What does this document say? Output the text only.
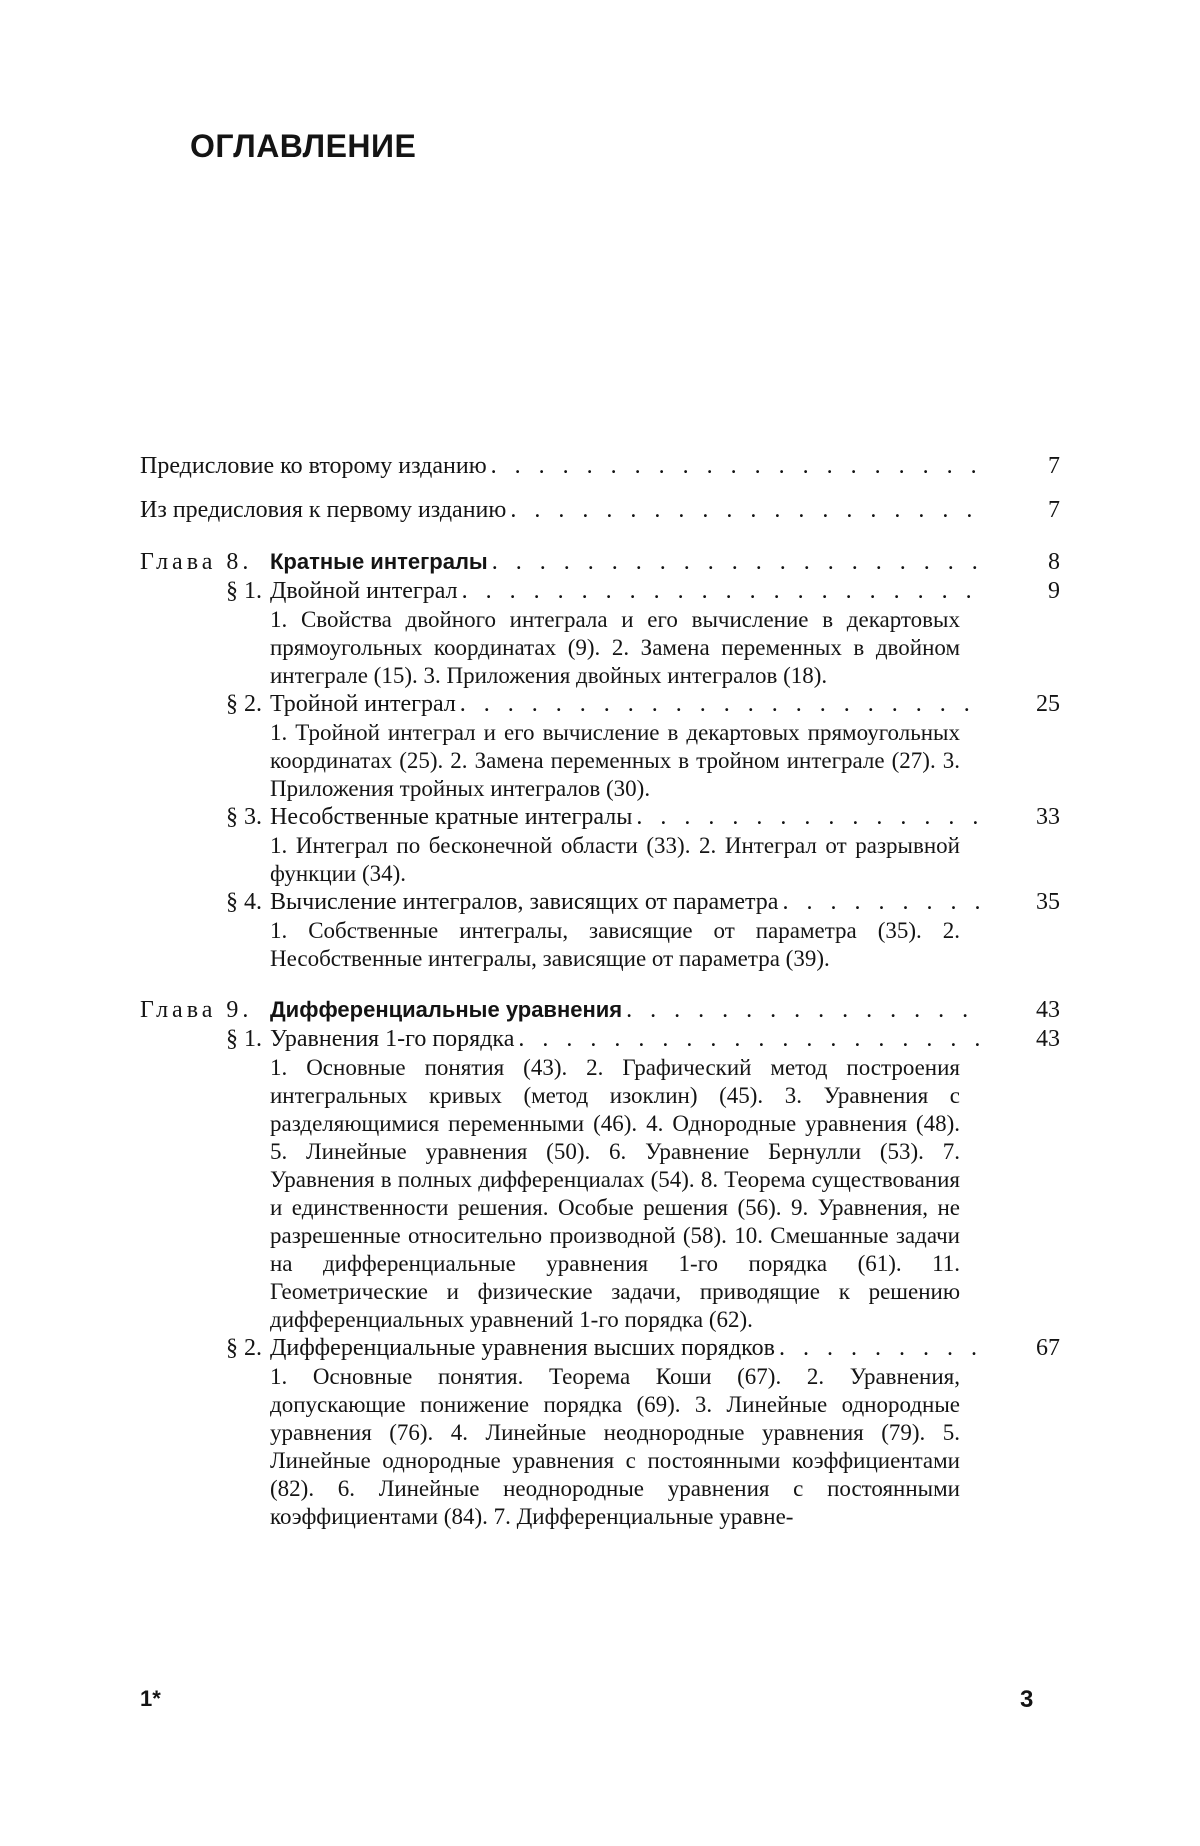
ОГЛАВЛЕНИЕ
Предисловие ко второму изданию . . .	7
Из предисловия к первому изданию . . .	7
Глава 8. Кратные интегралы . . .	8
§ 1. Двойной интеграл . . .	9
1. Свойства двойного интеграла и его вычисление в декартовых прямоугольных координатах (9). 2. Замена переменных в двойном интеграле (15). 3. Приложения двойных интегралов (18).
§ 2. Тройной интеграл . . .	25
1. Тройной интеграл и его вычисление в декартовых прямоугольных координатах (25). 2. Замена переменных в тройном интеграле (27). 3. Приложения тройных интегралов (30).
§ 3. Несобственные кратные интегралы . . .	33
1. Интеграл по бесконечной области (33). 2. Интеграл от разрывной функции (34).
§ 4. Вычисление интегралов, зависящих от параметра . . .	35
1. Собственные интегралы, зависящие от параметра (35). 2. Несобственные интегралы, зависящие от параметра (39).
Глава 9. Дифференциальные уравнения . . .	43
§ 1. Уравнения 1-го порядка . . .	43
1. Основные понятия (43). 2. Графический метод построения интегральных кривых (метод изоклин) (45). 3. Уравнения с разделяющимися переменными (46). 4. Однородные уравнения (48). 5. Линейные уравнения (50). 6. Уравнение Бернулли (53). 7. Уравнения в полных дифференциалах (54). 8. Теорема существования и единственности решения. Особые решения (56). 9. Уравнения, не разрешенные относительно производной (58). 10. Смешанные задачи на дифференциальные уравнения 1-го порядка (61). 11. Геометрические и физические задачи, приводящие к решению дифференциальных уравнений 1-го порядка (62).
§ 2. Дифференциальные уравнения высших порядков . . .	67
1. Основные понятия. Теорема Коши (67). 2. Уравнения, допускающие понижение порядка (69). 3. Линейные однородные уравнения (76). 4. Линейные неоднородные уравнения (79). 5. Линейные однородные уравнения с постоянными коэффициентами (82). 6. Линейные неоднородные уравнения с постоянными коэффициентами (84). 7. Дифференциальные уравне-
1*	3
